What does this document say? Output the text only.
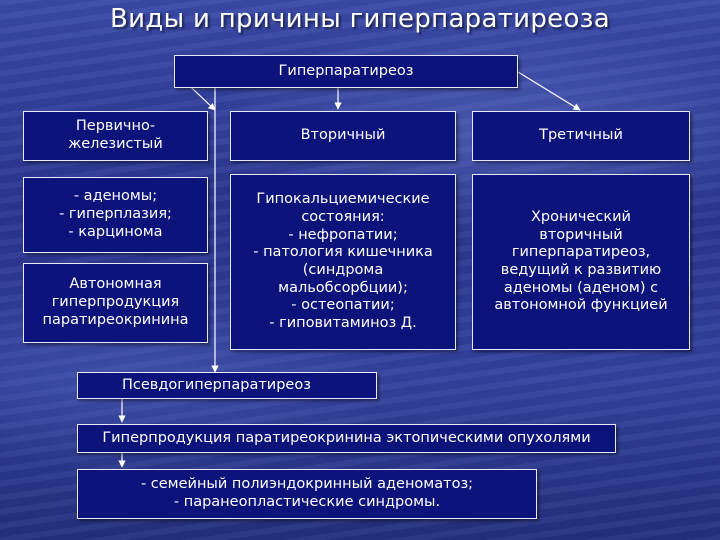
Виды и причины гиперпаратиреоза
Гиперпаратиреоз
Первично-
железистый
- аденомы;
- гиперплазия;
- карцинома
Автономная
гиперпродукция
паратиреокринина
Вторичный
Гипокальциемические
состояния:
- нефропатии;
- патология кишечника
(синдрома
мальобсорбции);
- остеопатии;
- гиповитаминоз Д.
Третичный
Хронический
вторичный
гиперпаратиреоз,
ведущий к развитию
аденомы (аденом) с
автономной функцией
Псевдогиперпаратиреоз
Гиперпродукция паратиреокринина эктопическими опухолями
- семейный полиэндокринный аденоматоз;
- паранеопластические синдромы.
